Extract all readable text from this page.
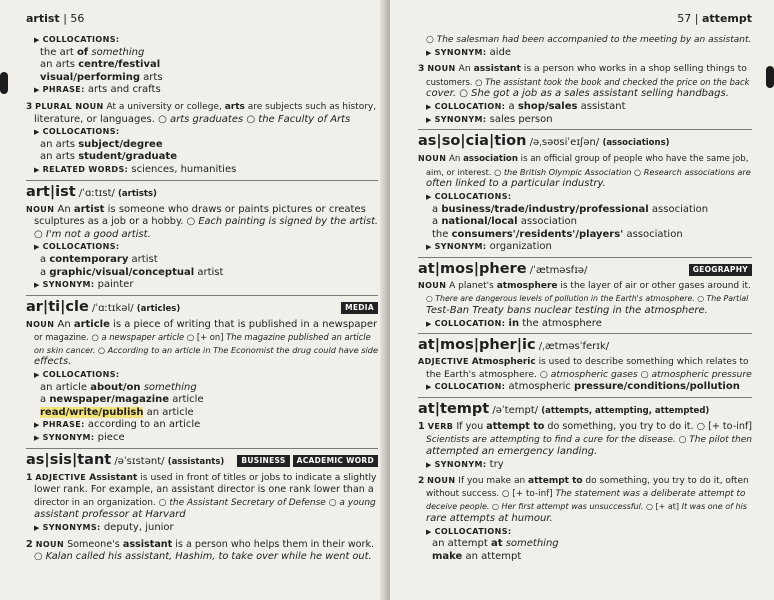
artist | 56
▶ COLLOCATIONS:
the art of something
an arts centre/festival
visual/performing arts
▶ PHRASE: arts and crafts
3 PLURAL NOUN At a university or college, arts are subjects such as history,
literature, or languages. ○ arts graduates ○ the Faculty of Arts
▶ COLLOCATIONS:
an arts subject/degree
an arts student/graduate
▶ RELATED WORDS: sciences, humanities
art|ist /ˈɑːtɪst/ (artists)
NOUN An artist is someone who draws or paints pictures or creates
sculptures as a job or a hobby. ○ Each painting is signed by the artist.
○ I'm not a good artist.
▶ COLLOCATIONS:
a contemporary artist
a graphic/visual/conceptual artist
▶ SYNONYM: painter
MEDIA
ar|ti|cle /ˈɑːtɪkəl/ (articles)
NOUN An article is a piece of writing that is published in a newspaper
or magazine. ○ a newspaper article ○ [+ on] The magazine published an article
on skin cancer. ○ According to an article in The Economist the drug could have side
effects.
▶ COLLOCATIONS:
an article about/on something
a newspaper/magazine article
read/write/publish an article
▶ PHRASE: according to an article
▶ SYNONYM: piece
ACADEMIC WORD
BUSINESS
as|sis|tant /əˈsɪstənt/ (assistants)
1 ADJECTIVE Assistant is used in front of titles or jobs to indicate a slightly
lower rank. For example, an assistant director is one rank lower than a
director in an organization. ○ the Assistant Secretary of Defense ○ a young
assistant professor at Harvard
▶ SYNONYMS: deputy, junior
2 NOUN Someone's assistant is a person who helps them in their work.
○ Kalan called his assistant, Hashim, to take over while he went out.
57 | attempt
○ The salesman had been accompanied to the meeting by an assistant.
▶ SYNONYM: aide
3 NOUN An assistant is a person who works in a shop selling things to
customers. ○ The assistant took the book and checked the price on the back
cover. ○ She got a job as a sales assistant selling handbags.
▶ COLLOCATION: a shop/sales assistant
▶ SYNONYM: sales person
as|so|cia|tion /əˌsəʊsiˈeɪʃən/ (associations)
NOUN An association is an official group of people who have the same job,
aim, or interest. ○ the British Olympic Association ○ Research associations are
often linked to a particular industry.
▶ COLLOCATIONS:
a business/trade/industry/professional association
a national/local association
the consumers'/residents'/players' association
▶ SYNONYM: organization
GEOGRAPHY
at|mos|phere /ˈætməsfɪə/
NOUN A planet's atmosphere is the layer of air or other gases around it.
○ There are dangerous levels of pollution in the Earth's atmosphere. ○ The Partial
Test-Ban Treaty bans nuclear testing in the atmosphere.
▶ COLLOCATION: in the atmosphere
at|mos|pher|ic /ˌætməsˈferɪk/
ADJECTIVE Atmospheric is used to describe something which relates to
the Earth's atmosphere. ○ atmospheric gases ○ atmospheric pressure
▶ COLLOCATION: atmospheric pressure/conditions/pollution
at|tempt /əˈtempt/ (attempts, attempting, attempted)
1 VERB If you attempt to do something, you try to do it. ○ [+ to-inf]
Scientists are attempting to find a cure for the disease. ○ The pilot then
attempted an emergency landing.
▶ SYNONYM: try
2 NOUN If you make an attempt to do something, you try to do it, often
without success. ○ [+ to-inf] The statement was a deliberate attempt to
deceive people. ○ Her first attempt was unsuccessful. ○ [+ at] It was one of his
rare attempts at humour.
▶ COLLOCATIONS:
an attempt at something
make an attempt
